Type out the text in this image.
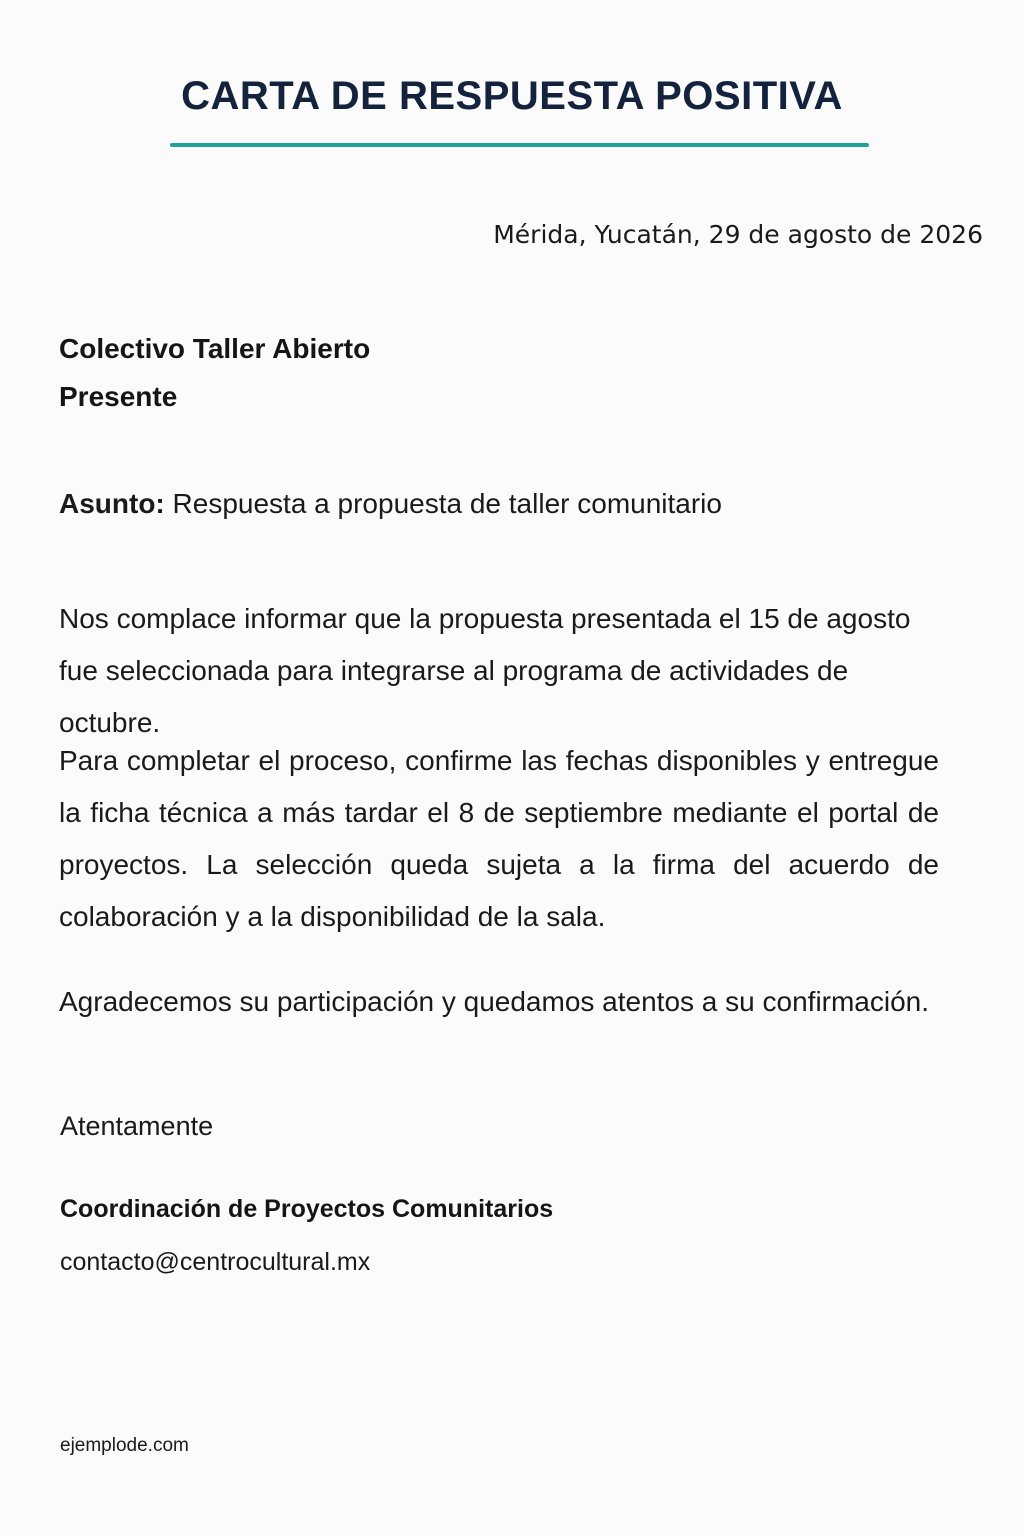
CARTA DE RESPUESTA POSITIVA
Mérida, Yucatán, 29 de agosto de 2026
Colectivo Taller Abierto
Presente
Asunto: Respuesta a propuesta de taller comunitario

Nos complace informar que la propuesta presentada el 15 de agosto fue seleccionada para integrarse al programa de actividades de octubre.

Para completar el proceso, confirme las fechas disponibles y entregue la ficha técnica a más tardar el 8 de septiembre mediante el portal de proyectos. La selección queda sujeta a la firma del acuerdo de colaboración y a la disponibilidad de la sala.

Agradecemos su participación y quedamos atentos a su confirmación.

Atentamente
Coordinación de Proyectos Comunitarios
contacto@centrocultural.mx
ejemplode.com
